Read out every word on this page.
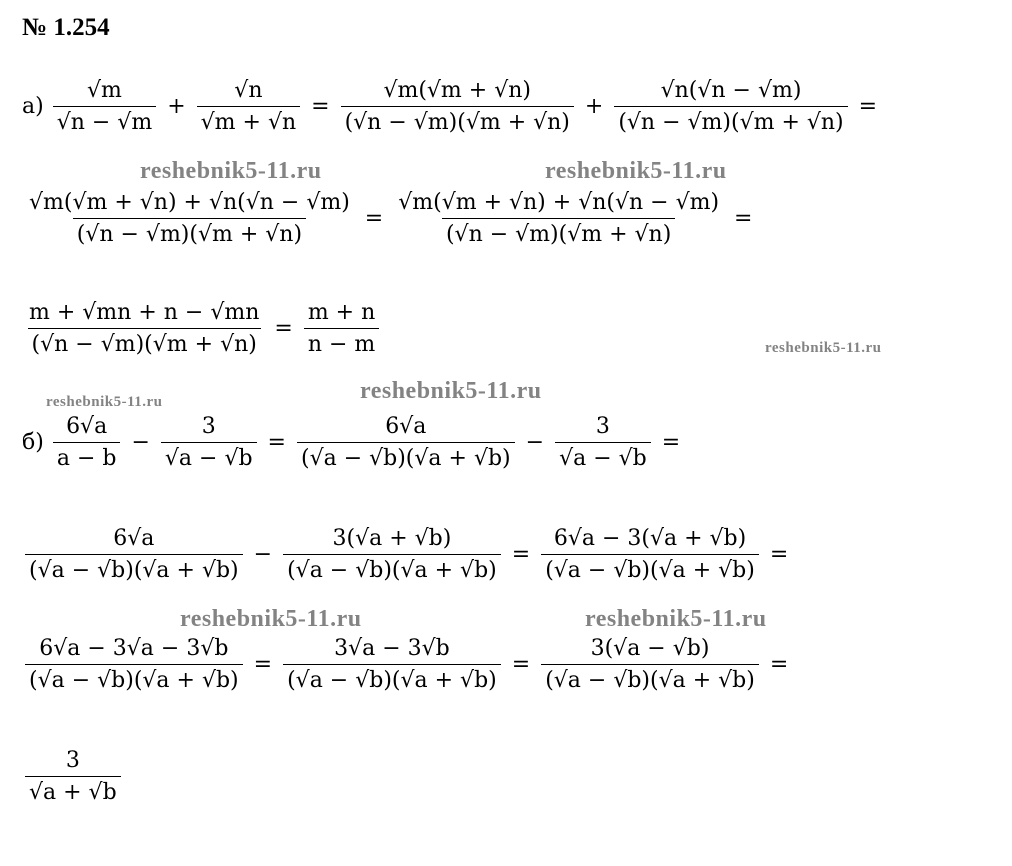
№ 1.254
$а) \frac{√m}{√n - √m} + \frac{√n}{√m + √n} = \frac{√m(√m + √n)}{(√n - √m)(√m + √n)} + \frac{√n(√n - √m)}{(√n - √m)(√m + √n)}$ =
$\frac{√m(√m + √n) + √n(√n - √m)}{(√n - √m)(√m + √n)} = \frac{√m(√m + √n) + √n(√n - √m)}{(√n - √m)(√m + √n)}$ =
$\frac{m + √mn + n - √mn}{(√n - √m)(√m + √n)} = \frac{m + n}{n - m}$
$б) \frac{6√a}{a - b} - \frac{3}{√a - √b} = \frac{6√a}{(√a - √b)(√a + √b)} - \frac{3}{√a - √b}$ =
$\frac{6√a}{(√a - √b)(√a + √b)} - \frac{3(√a + √b)}{(√a - √b)(√a + √b)} = \frac{6√a - 3(√a + √b)}{(√a - √b)(√a + √b)}$ =
$\frac{6√a - 3√a - 3√b}{(√a - √b)(√a + √b)} = \frac{3√a - 3√b}{(√a - √b)(√a + √b)} = \frac{3(√a - √b)}{(√a - √b)(√a + √b)}$ =
$\frac{3}{√a + √b}$
reshebnik5-11.ru	reshebnik5-11.ru
reshebnik5-11.ru
reshebnik5-11.ru
reshebnik5-11.ru
reshebnik5-11.ru	reshebnik5-11.ru
